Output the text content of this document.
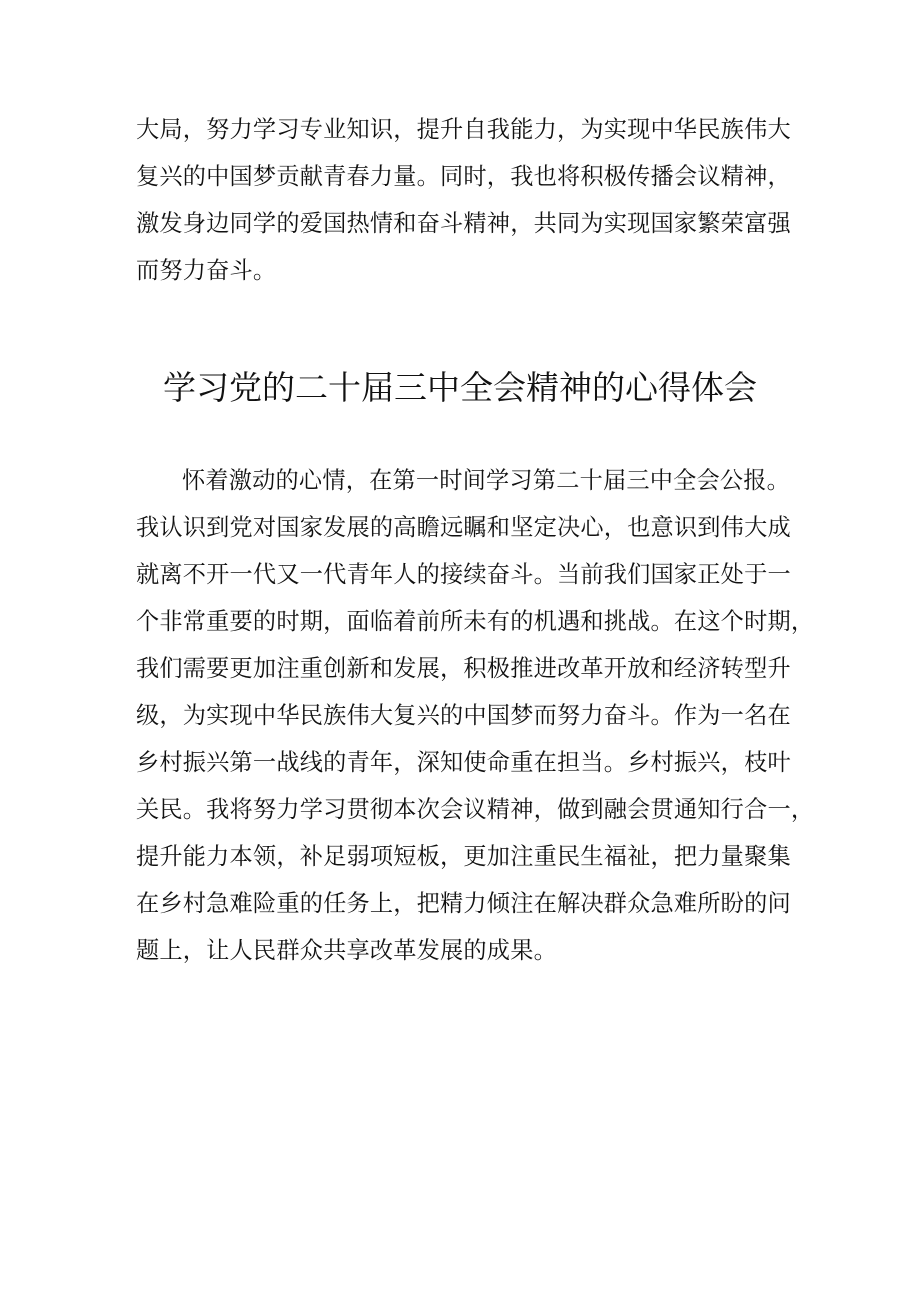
大局，努力学习专业知识，提升自我能力，为实现中华民族伟大
复兴的中国梦贡献青春力量。同时，我也将积极传播会议精神，
激发身边同学的爱国热情和奋斗精神，共同为实现国家繁荣富强
而努力奋斗。
学习党的二十届三中全会精神的心得体会
怀着激动的心情，在第一时间学习第二十届三中全会公报。
我认识到党对国家发展的高瞻远瞩和坚定决心，也意识到伟大成
就离不开一代又一代青年人的接续奋斗。当前我们国家正处于一
个非常重要的时期，面临着前所未有的机遇和挑战。在这个时期，
我们需要更加注重创新和发展，积极推进改革开放和经济转型升
级，为实现中华民族伟大复兴的中国梦而努力奋斗。作为一名在
乡村振兴第一战线的青年，深知使命重在担当。乡村振兴，枝叶
关民。我将努力学习贯彻本次会议精神，做到融会贯通知行合一，
提升能力本领，补足弱项短板，更加注重民生福祉，把力量聚集
在乡村急难险重的任务上，把精力倾注在解决群众急难所盼的问
题上，让人民群众共享改革发展的成果。
